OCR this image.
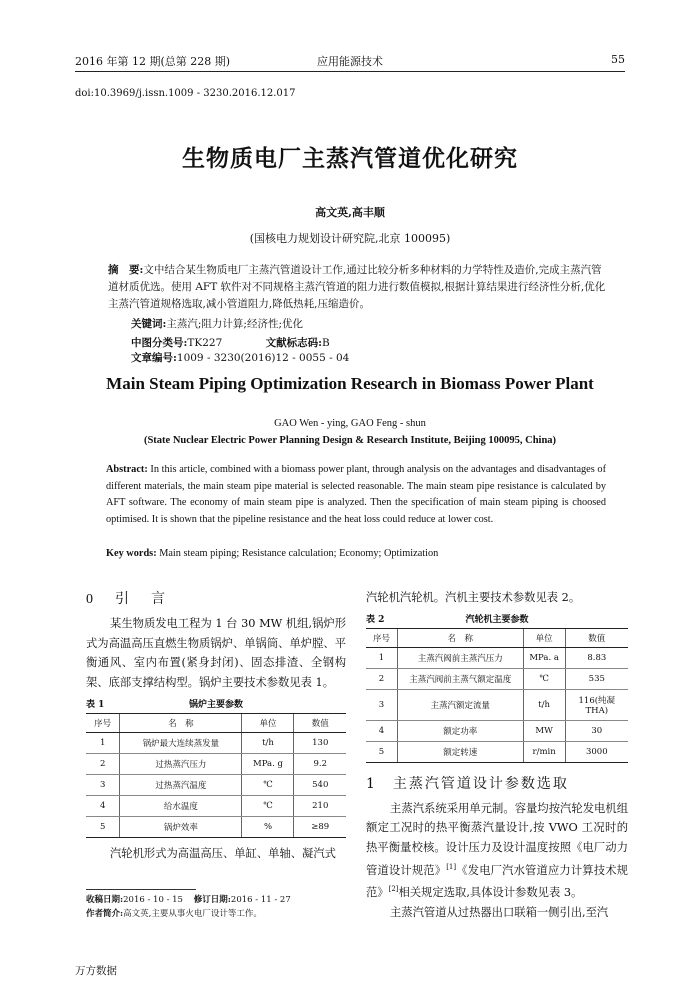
2016 年第 12 期(总第 228 期)	应用能源技术	55
doi:10.3969/j.issn.1009 - 3230.2016.12.017
生物质电厂主蒸汽管道优化研究
高文英,高丰顺
(国核电力规划设计研究院,北京 100095)
摘　要:文中结合某生物质电厂主蒸汽管道设计工作,通过比较分析多种材料的力学特性及造价,完成主蒸汽管道材质优选。使用 AFT 软件对不同规格主蒸汽管道的阻力进行数值模拟,根据计算结果进行经济性分析,优化主蒸汽管道规格选取,减小管道阻力,降低热耗,压缩造价。
关键词:主蒸汽;阻力计算;经济性;优化
中图分类号:TK227	文献标志码:B 文章编号:1009 - 3230(2016)12 - 0055 - 04
Main Steam Piping Optimization Research in Biomass Power Plant
GAO Wen - ying, GAO Feng - shun
(State Nuclear Electric Power Planning Design & Research Institute, Beijing 100095, China)
Abstract: In this article, combined with a biomass power plant, through analysis on the advantages and disadvantages of different materials, the main steam pipe material is selected reasonable. The main steam pipe resistance is calculated by AFT software. The economy of main steam pipe is analyzed. Then the specification of main steam piping is choosed optimised. It is shown that the pipeline resistance and the heat loss could reduce at lower cost.
Key words: Main steam piping; Resistance calculation; Economy; Optimization
0　引　言
某生物质发电工程为 1 台 30 MW 机组,锅炉形式为高温高压直燃生物质锅炉、单锅筒、单炉膛、平衡通风、室内布置(紧身封闭)、固态排渣、全钢构架、底部支撑结构型。锅炉主要技术参数见表 1。
表 1	锅炉主要参数
序号	名　称	单位	数值
1	锅炉最大连续蒸发量	t/h	130
2	过热蒸汽压力	MPa. g	9.2
3	过热蒸汽温度	℃	540
4	给水温度	℃	210
5	锅炉效率	%	≥89
汽轮机形式为高温高压、单缸、单轴、凝汽式
汽轮机汽轮机。汽机主要技术参数见表 2。
表 2	汽轮机主要参数
序号	名　称	单位	数值
1	主蒸汽阀前主蒸汽压力	MPa. a	8.83
2	主蒸汽阀前主蒸气额定温度	℃	535
3	主蒸汽额定流量	t/h	116(纯凝 THA)
4	额定功率	MW	30
5	额定转速	r/min	3000
1　主蒸汽管道设计参数选取
主蒸汽系统采用单元制。容量均按汽轮发电机组额定工况时的热平衡蒸汽量设计,按 VWO 工况时的热平衡量校核。设计压力及设计温度按照《电厂动力管道设计规范》[1]《发电厂汽水管道应力计算技术规范》[2]相关规定选取,具体设计参数见表 3。
主蒸汽管道从过热器出口联箱一侧引出,至汽
收稿日期:2016 - 10 - 15 修订日期:2016 - 11 - 27
作者简介:高文英,主要从事火电厂设计等工作。
万方数据
